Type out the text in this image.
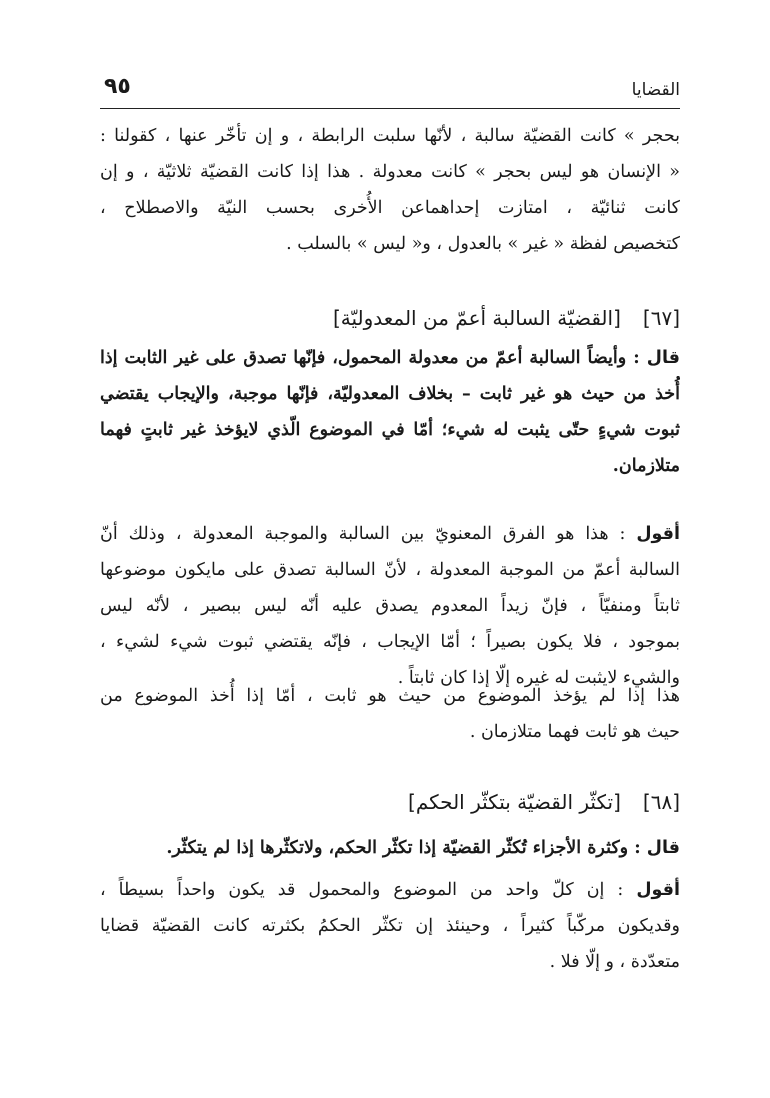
القضايا
٩٥
بحجر » كانت القضيّة سالبة ، لأنّها سلبت الرابطة ، و إن تأخّر عنها ، كقولنا :
« الإنسان هو ليس بحجر » كانت معدولة . هذا إذا كانت القضيّة ثلاثيّة ، و إن
كانت ثنائيّة ، امتازت إحداهماعن الأُخرى بحسب النيّة والاصطلاح ،
كتخصيص لفظة « غير » بالعدول ، و« ليس » بالسلب .
[٦٧][القضيّة السالبة أعمّ من المعدوليّة]
قال : وأيضاً السالبة أعمّ من معدولة المحمول، فإنّها تصدق على غير الثابت إذا
أُخذ من حيث هو غير ثابت – بخلاف المعدوليّة، فإنّها موجبة، والإيجاب يقتضي
ثبوت شيءٍ حتّى يثبت له شيء؛ أمّا في الموضوع الّذي لايؤخذ غير ثابتٍ فهما
متلازمان.
أقول : هذا هو الفرق المعنويّ بين السالبة والموجبة المعدولة ، وذلك أنّ
السالبة أعمّ من الموجبة المعدولة ، لأنّ السالبة تصدق على مايكون موضوعها
ثابتاً ومنفيّاً ، فإنّ زيداً المعدوم يصدق عليه أنّه ليس ببصير ، لأنّه ليس
بموجود ، فلا يكون بصيراً ؛ أمّا الإيجاب ، فإنّه يقتضي ثبوت شيء لشيء ،
والشيء لايثبت له غيره إلّا إذا كان ثابتاً .
هذا إذا لم يؤخذ الموضوع من حيث هو ثابت ، أمّا إذا أُخذ الموضوع من
حيث هو ثابت فهما متلازمان .
[٦٨][تكثّر القضيّة بتكثّر الحكم]
قال : وكثرة الأجزاء تُكثّر القضيّة إذا تكثّر الحكم، ولاتكثّرها إذا لم يتكثّر.
أقول : إن كلّ واحد من الموضوع والمحمول قد يكون واحداً بسيطاً ،
وقديكون مركّباً كثيراً ، وحينئذ إن تكثّر الحكمُ بكثرته كانت القضيّة قضايا
متعدّدة ، و إلّا فلا .
